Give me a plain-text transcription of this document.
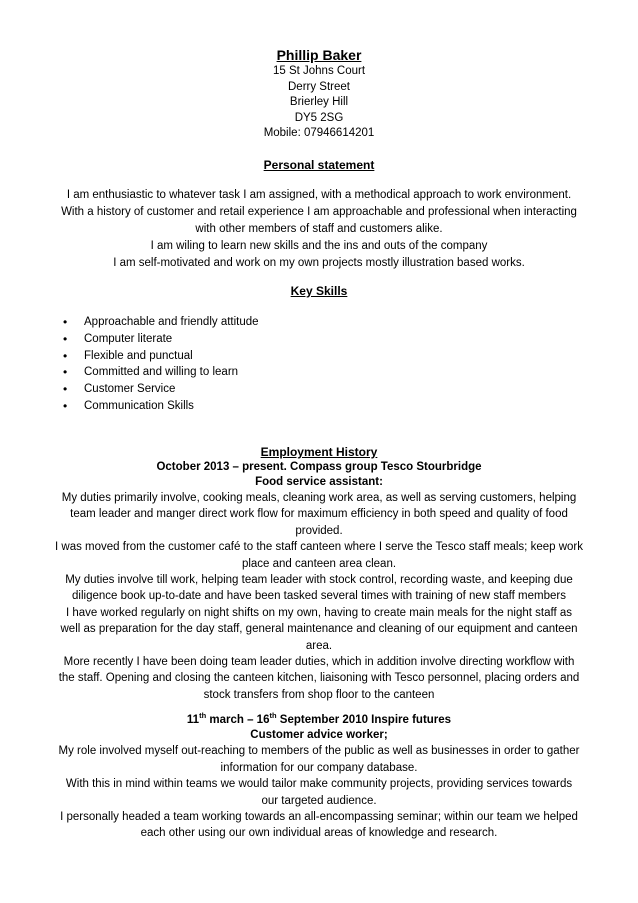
Phillip Baker

15 St Johns Court

Derry Street

Brierley Hill

DY5 2SG

Mobile: 07946614201

Personal statement

I am enthusiastic to whatever task I am assigned, with a methodical approach to work environment.

With a history of customer and retail experience I am approachable and professional when interacting

with other members of staff and customers alike.

I am wiling to learn new skills and the ins and outs of the company

I am self-motivated and work on my own projects mostly illustration based works.

Key Skills

• Approachable and friendly attitude
• Computer literate
• Flexible and punctual
• Committed and willing to learn
• Customer Service
• Communication Skills

Employment History

October 2013 – present. Compass group Tesco Stourbridge

Food service assistant:

My duties primarily involve, cooking meals, cleaning work area, as well as serving customers, helping

team leader and manger direct work flow for maximum efficiency in both speed and quality of food

provided.

I was moved from the customer café to the staff canteen where I serve the Tesco staff meals; keep work

place and canteen area clean.

My duties involve till work, helping team leader with stock control, recording waste, and keeping due

diligence book up-to-date and have been tasked several times with training of new staff members

I have worked regularly on night shifts on my own, having to create main meals for the night staff as

well as preparation for the day staff, general maintenance and cleaning of our equipment and canteen

area.

More recently I have been doing team leader duties, which in addition involve directing workflow with

the staff. Opening and closing the canteen kitchen, liaisoning with Tesco personnel, placing orders and

stock transfers from shop floor to the canteen

11th march – 16th September 2010 Inspire futures

Customer advice worker;

My role involved myself out-reaching to members of the public as well as businesses in order to gather

information for our company database.

With this in mind within teams we would tailor make community projects, providing services towards

our targeted audience.

I personally headed a team working towards an all-encompassing seminar; within our team we helped

each other using our own individual areas of knowledge and research.
